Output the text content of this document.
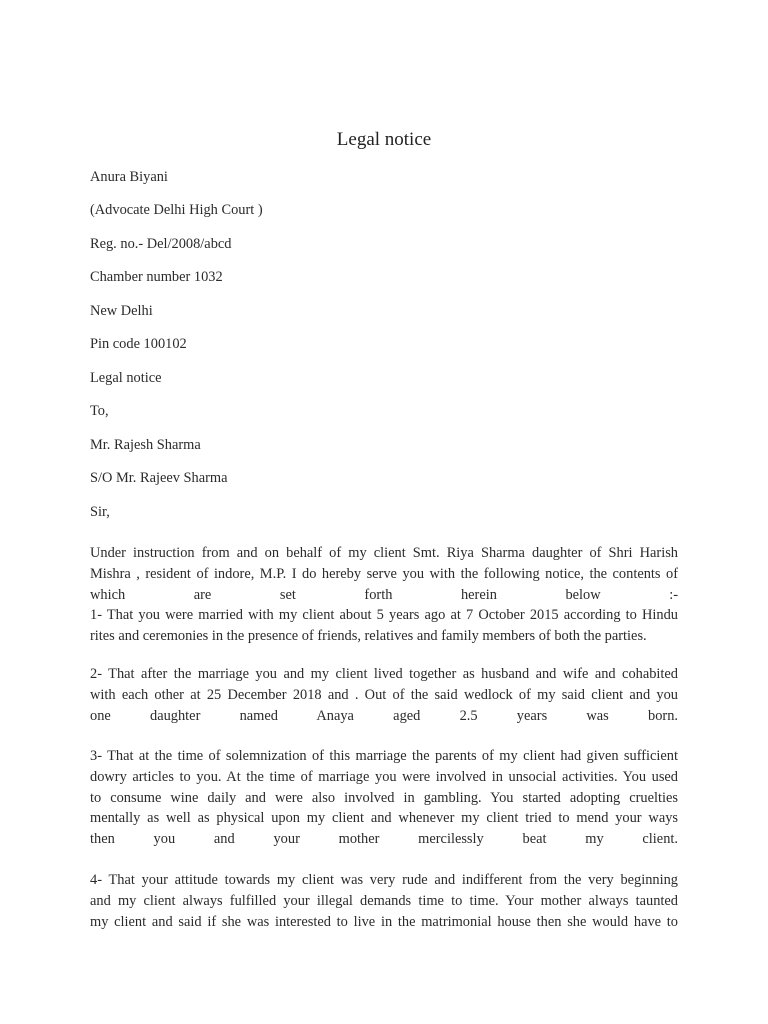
Legal notice
Anura Biyani
(Advocate Delhi High Court )
Reg. no.- Del/2008/abcd
Chamber number 1032
New Delhi
Pin code 100102
Legal notice
To,
Mr. Rajesh Sharma
S/O Mr. Rajeev Sharma
Sir,
Under instruction from and on behalf of my client Smt. Riya Sharma daughter of Shri Harish
Mishra , resident of indore, M.P. I do hereby serve you with the following notice, the contents of
which are set forth herein below :-
1- That you were married with my client about 5 years ago at 7 October 2015 according to Hindu
rites and ceremonies in the presence of friends, relatives and family members of both the parties.
2- That after the marriage you and my client lived together as husband and wife and cohabited
with each other at 25 December 2018 and . Out of the said wedlock of my said client and you
one daughter named Anaya aged 2.5 years was born.
3- That at the time of solemnization of this marriage the parents of my client had given sufficient
dowry articles to you. At the time of marriage you were involved in unsocial activities. You used
to consume wine daily and were also involved in gambling. You started adopting cruelties
mentally as well as physical upon my client and whenever my client tried to mend your ways
then you and your mother mercilessly beat my client.
4- That your attitude towards my client was very rude and indifferent from the very beginning
and my client always fulfilled your illegal demands time to time. Your mother always taunted
my client and said if she was interested to live in the matrimonial house then she would have to
